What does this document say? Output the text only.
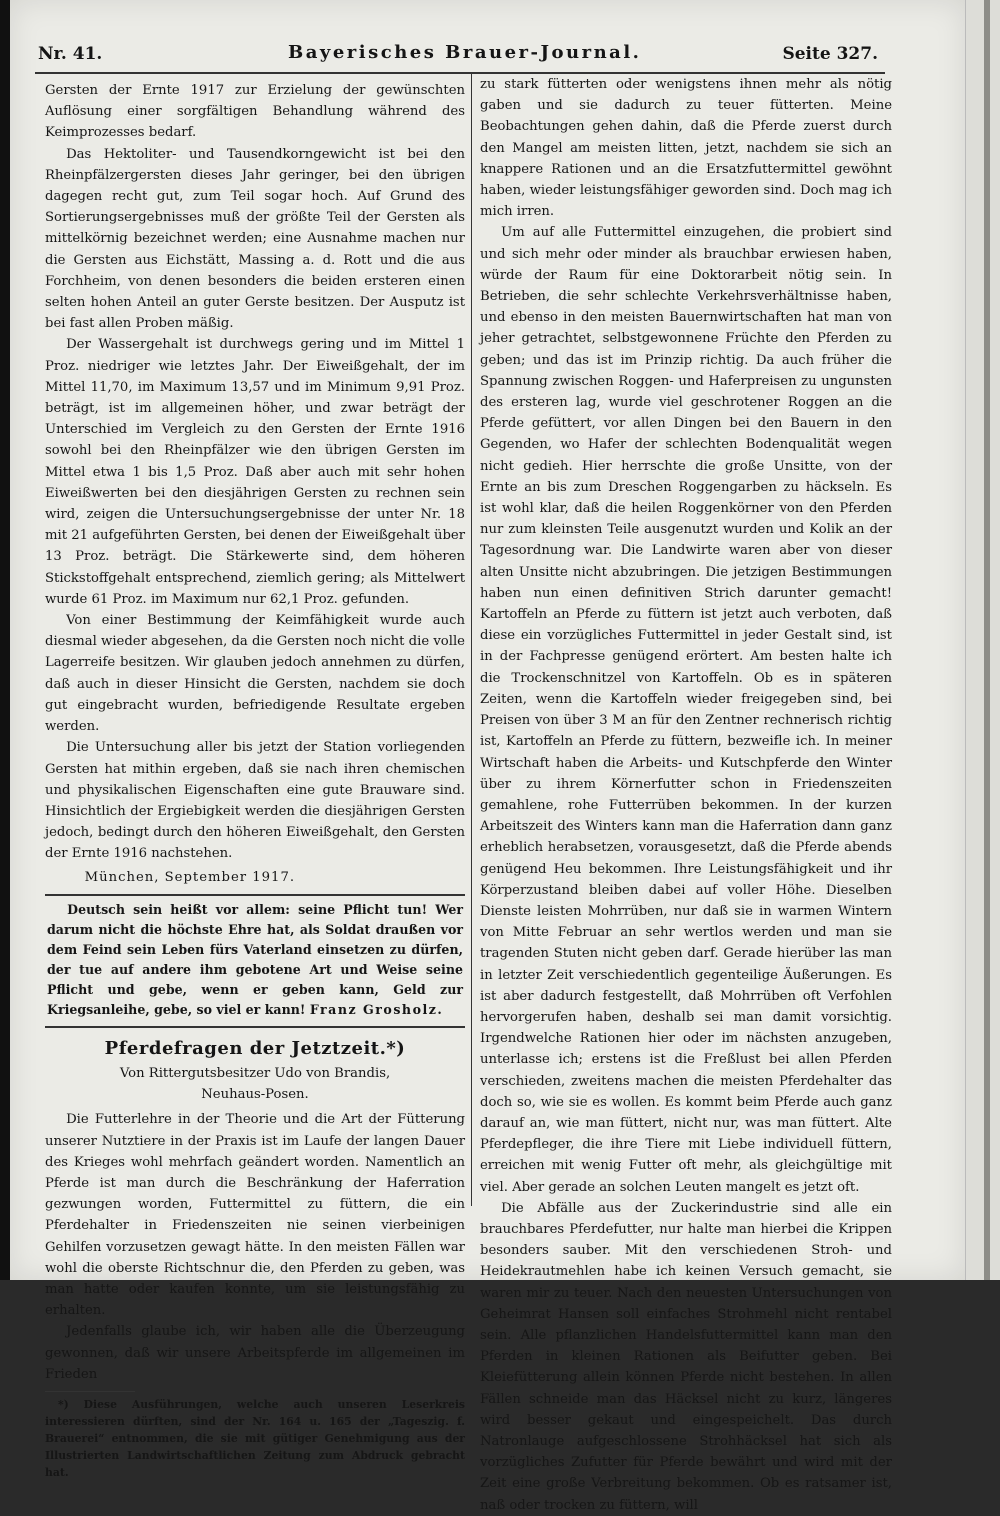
Nr. 41.	Bayerisches Brauer-Journal.	Seite 327.

Gersten der Ernte 1917 zur Erzielung der gewünschten Auflösung einer sorgfältigen Behandlung während des Keimprozesses bedarf.

Das Hektoliter- und Tausendkorngewicht ist bei den Rheinpfälzergersten dieses Jahr geringer, bei den übrigen dagegen recht gut, zum Teil sogar hoch. Auf Grund des Sortierungsergebnisses muß der größte Teil der Gersten als mittelkörnig bezeichnet werden; eine Ausnahme machen nur die Gersten aus Eichstätt, Massing a. d. Rott und die aus Forchheim, von denen besonders die beiden ersteren einen selten hohen Anteil an guter Gerste besitzen. Der Ausputz ist bei fast allen Proben mäßig.

Der Wassergehalt ist durchwegs gering und im Mittel 1 Proz. niedriger wie letztes Jahr. Der Eiweißgehalt, der im Mittel 11,70, im Maximum 13,57 und im Minimum 9,91 Proz. beträgt, ist im allgemeinen höher, und zwar beträgt der Unterschied im Vergleich zu den Gersten der Ernte 1916 sowohl bei den Rheinpfälzer wie den übrigen Gersten im Mittel etwa 1 bis 1,5 Proz. Daß aber auch mit sehr hohen Eiweißwerten bei den diesjährigen Gersten zu rechnen sein wird, zeigen die Untersuchungsergebnisse der unter Nr. 18 mit 21 aufgeführten Gersten, bei denen der Eiweißgehalt über 13 Proz. beträgt. Die Stärkewerte sind, dem höheren Stickstoffgehalt entsprechend, ziemlich gering; als Mittelwert wurde 61 Proz. im Maximum nur 62,1 Proz. gefunden.

Von einer Bestimmung der Keimfähigkeit wurde auch diesmal wieder abgesehen, da die Gersten noch nicht die volle Lagerreife besitzen. Wir glauben jedoch annehmen zu dürfen, daß auch in dieser Hinsicht die Gersten, nachdem sie doch gut eingebracht wurden, befriedigende Resultate ergeben werden.

Die Untersuchung aller bis jetzt der Station vorliegenden Gersten hat mithin ergeben, daß sie nach ihren chemischen und physikalischen Eigenschaften eine gute Brauware sind. Hinsichtlich der Ergiebigkeit werden die diesjährigen Gersten jedoch, bedingt durch den höheren Eiweißgehalt, den Gersten der Ernte 1916 nachstehen.

München, September 1917.

Deutsch sein heißt vor allem: seine Pflicht tun! Wer darum nicht die höchste Ehre hat, als Soldat draußen vor dem Feind sein Leben fürs Vaterland einsetzen zu dürfen, der tue auf andere ihm gebotene Art und Weise seine Pflicht und gebe, wenn er geben kann, Geld zur Kriegsanleihe, gebe, so viel er kann! Franz Grosholz.

Pferdefragen der Jetztzeit.*)

Von Rittergutsbesitzer Udo von Brandis,

Neuhaus-Posen.

Die Futterlehre in der Theorie und die Art der Fütterung unserer Nutztiere in der Praxis ist im Laufe der langen Dauer des Krieges wohl mehrfach geändert worden. Namentlich an Pferde ist man durch die Beschränkung der Haferration gezwungen worden, Futtermittel zu füttern, die ein Pferdehalter in Friedenszeiten nie seinen vierbeinigen Gehilfen vorzusetzen gewagt hätte. In den meisten Fällen war wohl die oberste Richtschnur die, den Pferden zu geben, was man hatte oder kaufen konnte, um sie leistungsfähig zu erhalten.

Jedenfalls glaube ich, wir haben alle die Überzeugung gewonnen, daß wir unsere Arbeitspferde im allgemeinen im Frieden

*) Diese Ausführungen, welche auch unseren Leserkreis interessieren dürften, sind der Nr. 164 u. 165 der „Tageszig. f. Brauerei“ entnommen, die sie mit gütiger Genehmigung aus der Illustrierten Landwirtschaftlichen Zeitung zum Abdruck gebracht hat.

zu stark fütterten oder wenigstens ihnen mehr als nötig gaben und sie dadurch zu teuer fütterten. Meine Beobachtungen gehen dahin, daß die Pferde zuerst durch den Mangel am meisten litten, jetzt, nachdem sie sich an knappere Rationen und an die Ersatzfuttermittel gewöhnt haben, wieder leistungsfähiger geworden sind. Doch mag ich mich irren.

Um auf alle Futtermittel einzugehen, die probiert sind und sich mehr oder minder als brauchbar erwiesen haben, würde der Raum für eine Doktorarbeit nötig sein. In Betrieben, die sehr schlechte Verkehrsverhältnisse haben, und ebenso in den meisten Bauernwirtschaften hat man von jeher getrachtet, selbstgewonnene Früchte den Pferden zu geben; und das ist im Prinzip richtig. Da auch früher die Spannung zwischen Roggen- und Haferpreisen zu ungunsten des ersteren lag, wurde viel geschrotener Roggen an die Pferde gefüttert, vor allen Dingen bei den Bauern in den Gegenden, wo Hafer der schlechten Bodenqualität wegen nicht gedieh. Hier herrschte die große Unsitte, von der Ernte an bis zum Dreschen Roggengarben zu häckseln. Es ist wohl klar, daß die heilen Roggenkörner von den Pferden nur zum kleinsten Teile ausgenutzt wurden und Kolik an der Tagesordnung war. Die Landwirte waren aber von dieser alten Unsitte nicht abzubringen. Die jetzigen Bestimmungen haben nun einen definitiven Strich darunter gemacht! Kartoffeln an Pferde zu füttern ist jetzt auch verboten, daß diese ein vorzügliches Futtermittel in jeder Gestalt sind, ist in der Fachpresse genügend erörtert. Am besten halte ich die Trockenschnitzel von Kartoffeln. Ob es in späteren Zeiten, wenn die Kartoffeln wieder freigegeben sind, bei Preisen von über 3 M an für den Zentner rechnerisch richtig ist, Kartoffeln an Pferde zu füttern, bezweifle ich. In meiner Wirtschaft haben die Arbeits- und Kutschpferde den Winter über zu ihrem Körnerfutter schon in Friedenszeiten gemahlene, rohe Futterrüben bekommen. In der kurzen Arbeitszeit des Winters kann man die Haferration dann ganz erheblich herabsetzen, vorausgesetzt, daß die Pferde abends genügend Heu bekommen. Ihre Leistungsfähigkeit und ihr Körperzustand bleiben dabei auf voller Höhe. Dieselben Dienste leisten Mohrrüben, nur daß sie in warmen Wintern von Mitte Februar an sehr wertlos werden und man sie tragenden Stuten nicht geben darf. Gerade hierüber las man in letzter Zeit verschiedentlich gegenteilige Äußerungen. Es ist aber dadurch festgestellt, daß Mohrrüben oft Verfohlen hervorgerufen haben, deshalb sei man damit vorsichtig. Irgendwelche Rationen hier oder im nächsten anzugeben, unterlasse ich; erstens ist die Freßlust bei allen Pferden verschieden, zweitens machen die meisten Pferdehalter das doch so, wie sie es wollen. Es kommt beim Pferde auch ganz darauf an, wie man füttert, nicht nur, was man füttert. Alte Pferdepfleger, die ihre Tiere mit Liebe individuell füttern, erreichen mit wenig Futter oft mehr, als gleichgültige mit viel. Aber gerade an solchen Leuten mangelt es jetzt oft.

Die Abfälle aus der Zuckerindustrie sind alle ein brauchbares Pferdefutter, nur halte man hierbei die Krippen besonders sauber. Mit den verschiedenen Stroh- und Heidekrautmehlen habe ich keinen Versuch gemacht, sie waren mir zu teuer. Nach den neuesten Untersuchungen von Geheimrat Hansen soll einfaches Strohmehl nicht rentabel sein. Alle pflanzlichen Handelsfuttermittel kann man den Pferden in kleinen Rationen als Beifutter geben. Bei Kleiefütterung allein können Pferde nicht bestehen. In allen Fällen schneide man das Häcksel nicht zu kurz, längeres wird besser gekaut und eingespeichelt. Das durch Natronlauge aufgeschlossene Strohhäcksel hat sich als vorzügliches Zufutter für Pferde bewährt und wird mit der Zeit eine große Verbreitung bekommen. Ob es ratsamer ist, naß oder trocken zu füttern, will
